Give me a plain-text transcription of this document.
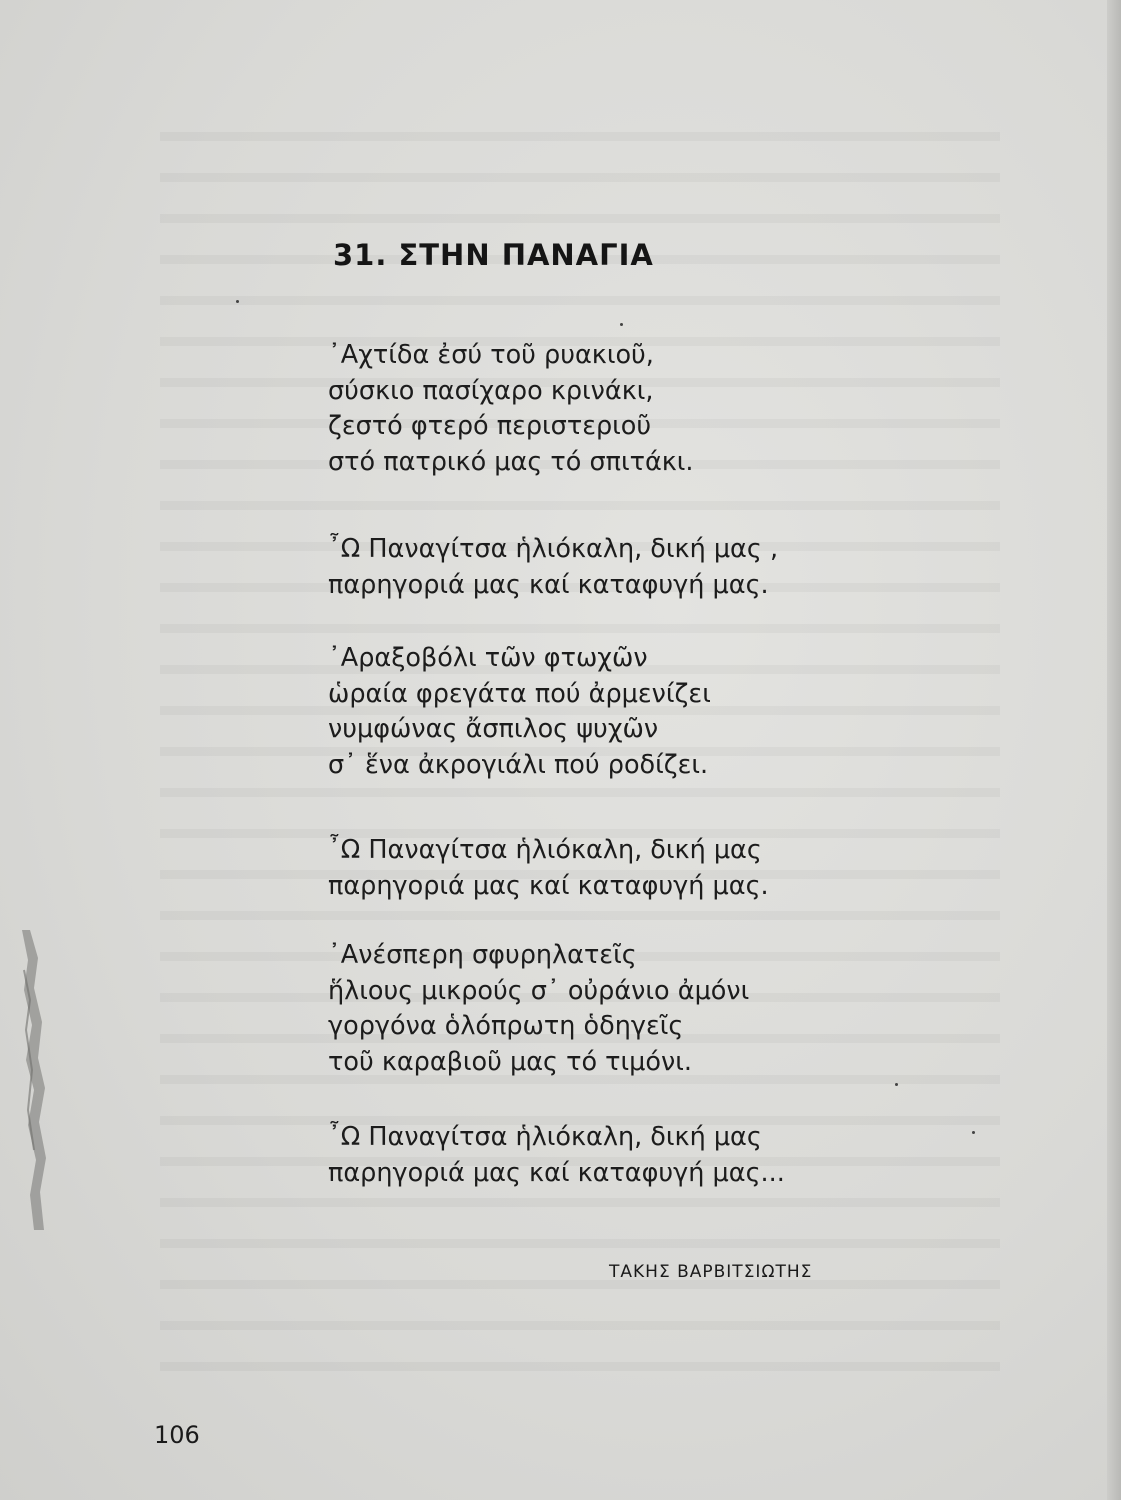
31. ΣΤΗΝ ΠΑΝΑΓΙΑ
᾿Αχτίδα ἐσύ τοῦ ρυακιοῦ,
σύσκιο πασίχαρο κρινάκι,
ζεστό φτερό περιστεριοῦ
στό πατρικό μας τό σπιτάκι.
῏Ω Παναγίτσα ἡλιόκαλη, δική μας ,
παρηγοριά μας καί καταφυγή μας.
᾿Αραξοβόλι τῶν φτωχῶν
ὡραία φρεγάτα πού ἀρμενίζει
νυμφώνας ἄσπιλος ψυχῶν
σ᾿ ἕνα ἀκρογιάλι πού ροδίζει.
῏Ω Παναγίτσα ἡλιόκαλη, δική μας
παρηγοριά μας καί καταφυγή μας.
᾿Ανέσπερη σφυρηλατεῖς
ἥλιους μικρούς σ᾿ οὐράνιο ἀμόνι
γοργόνα ὁλόπρωτη ὁδηγεῖς
τοῦ καραβιοῦ μας τό τιμόνι.
῏Ω Παναγίτσα ἡλιόκαλη, δική μας
παρηγοριά μας καί καταφυγή μας...
ΤΑΚΗΣ ΒΑΡΒΙΤΣΙΩΤΗΣ
106
